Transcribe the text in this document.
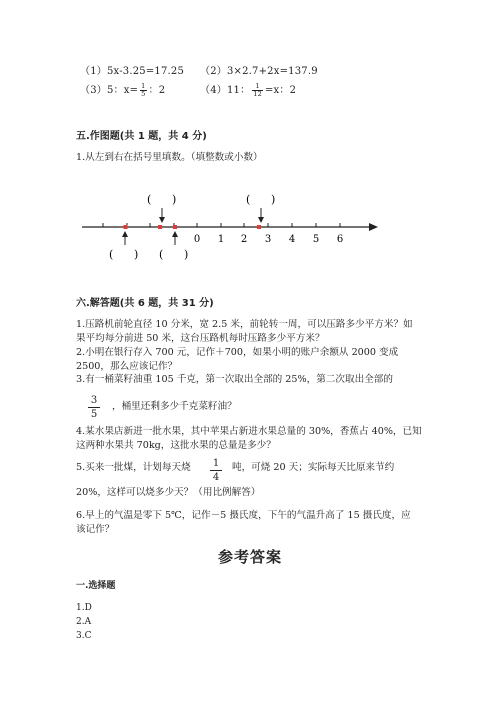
（1）5x-3.25=17.25 （2）3×2.7+2x=137.9
（3）5：$x= \frac{1}{5}$ ：2	（4）11： $\frac{1}{12} =x$：2
五.作图题(共 1 题，共 4 分)
1.从左到右在括号里填数。（填整数或小数）
( )	( )
( ) ( )
0 1 2 3 4 5 6
六.解答题(共 6 题，共 31 分)
1.压路机前轮直径 10 分米，宽 2.5 米，前轮转一周，可以压路多少平方米？如
果平均每分前进 50 米，这台压路机每时压路多少平方米？
2.小明在银行存入 700 元，记作＋700，如果小明的账户余额从 2000 变成
2500，那么应该记作？
3.有一桶菜籽油重 105 千克，第一次取出全部的 25%，第二次取出全部的
$\frac{3}{5}$ ，桶里还剩多少千克菜籽油？
4.某水果店新进一批水果，其中苹果占新进水果总量的 30%，香蕉占 40%，已知
这两种水果共 70kg，这批水果的总量是多少？
5.买来一批煤，计划每天烧 $\frac{1}{4}$ 吨，可烧 20 天；实际每天比原来节约
20%，这样可以烧多少天？（用比例解答）
6.早上的气温是零下 5℃，记作－5 摄氏度，下午的气温升高了 15 摄氏度，应
该记作？
参考答案
一.选择题
1.D
2.A
3.C
